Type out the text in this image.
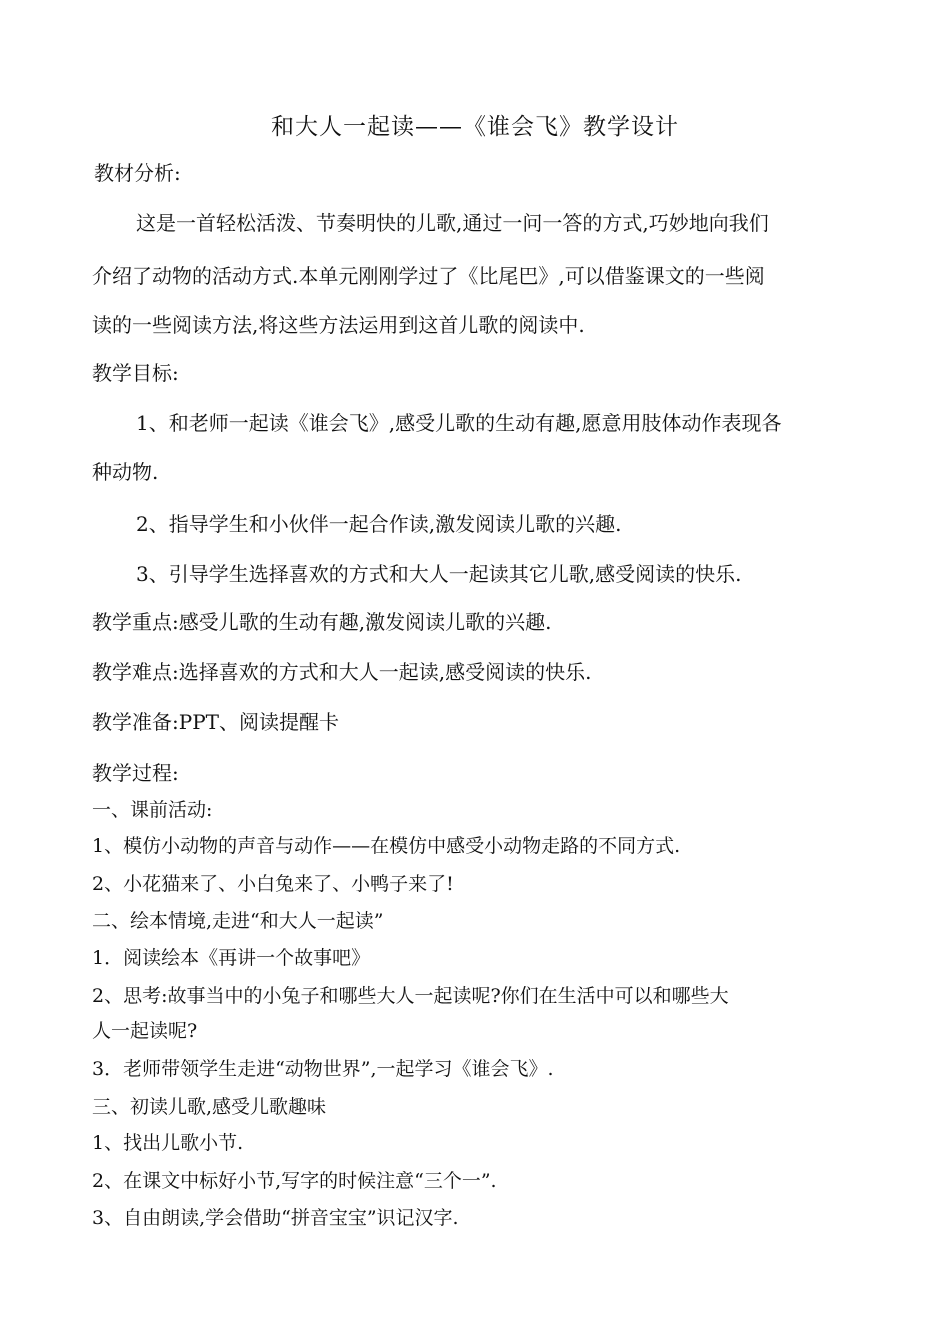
和大人一起读——《谁会飞》教学设计
教材分析:
这是一首轻松活泼、节奏明快的儿歌,通过一问一答的方式,巧妙地向我们
介绍了动物的活动方式.本单元刚刚学过了《比尾巴》,可以借鉴课文的一些阅
读的一些阅读方法,将这些方法运用到这首儿歌的阅读中.
教学目标:
1、和老师一起读《谁会飞》,感受儿歌的生动有趣,愿意用肢体动作表现各
种动物.
2、指导学生和小伙伴一起合作读,激发阅读儿歌的兴趣.
3、引导学生选择喜欢的方式和大人一起读其它儿歌,感受阅读的快乐.
教学重点:感受儿歌的生动有趣,激发阅读儿歌的兴趣.
教学难点:选择喜欢的方式和大人一起读,感受阅读的快乐.
教学准备:PPT、阅读提醒卡
教学过程:
一、课前活动:
1、模仿小动物的声音与动作——在模仿中感受小动物走路的不同方式.
2、小花猫来了、小白兔来了、小鸭子来了!
二、绘本情境,走进“和大人一起读”
1．阅读绘本《再讲一个故事吧》
2、思考:故事当中的小兔子和哪些大人一起读呢?你们在生活中可以和哪些大
人一起读呢?
3．老师带领学生走进“动物世界”,一起学习《谁会飞》.
三、初读儿歌,感受儿歌趣味
1、找出儿歌小节.
2、在课文中标好小节,写字的时候注意“三个一”.
3、自由朗读,学会借助“拼音宝宝”识记汉字.
